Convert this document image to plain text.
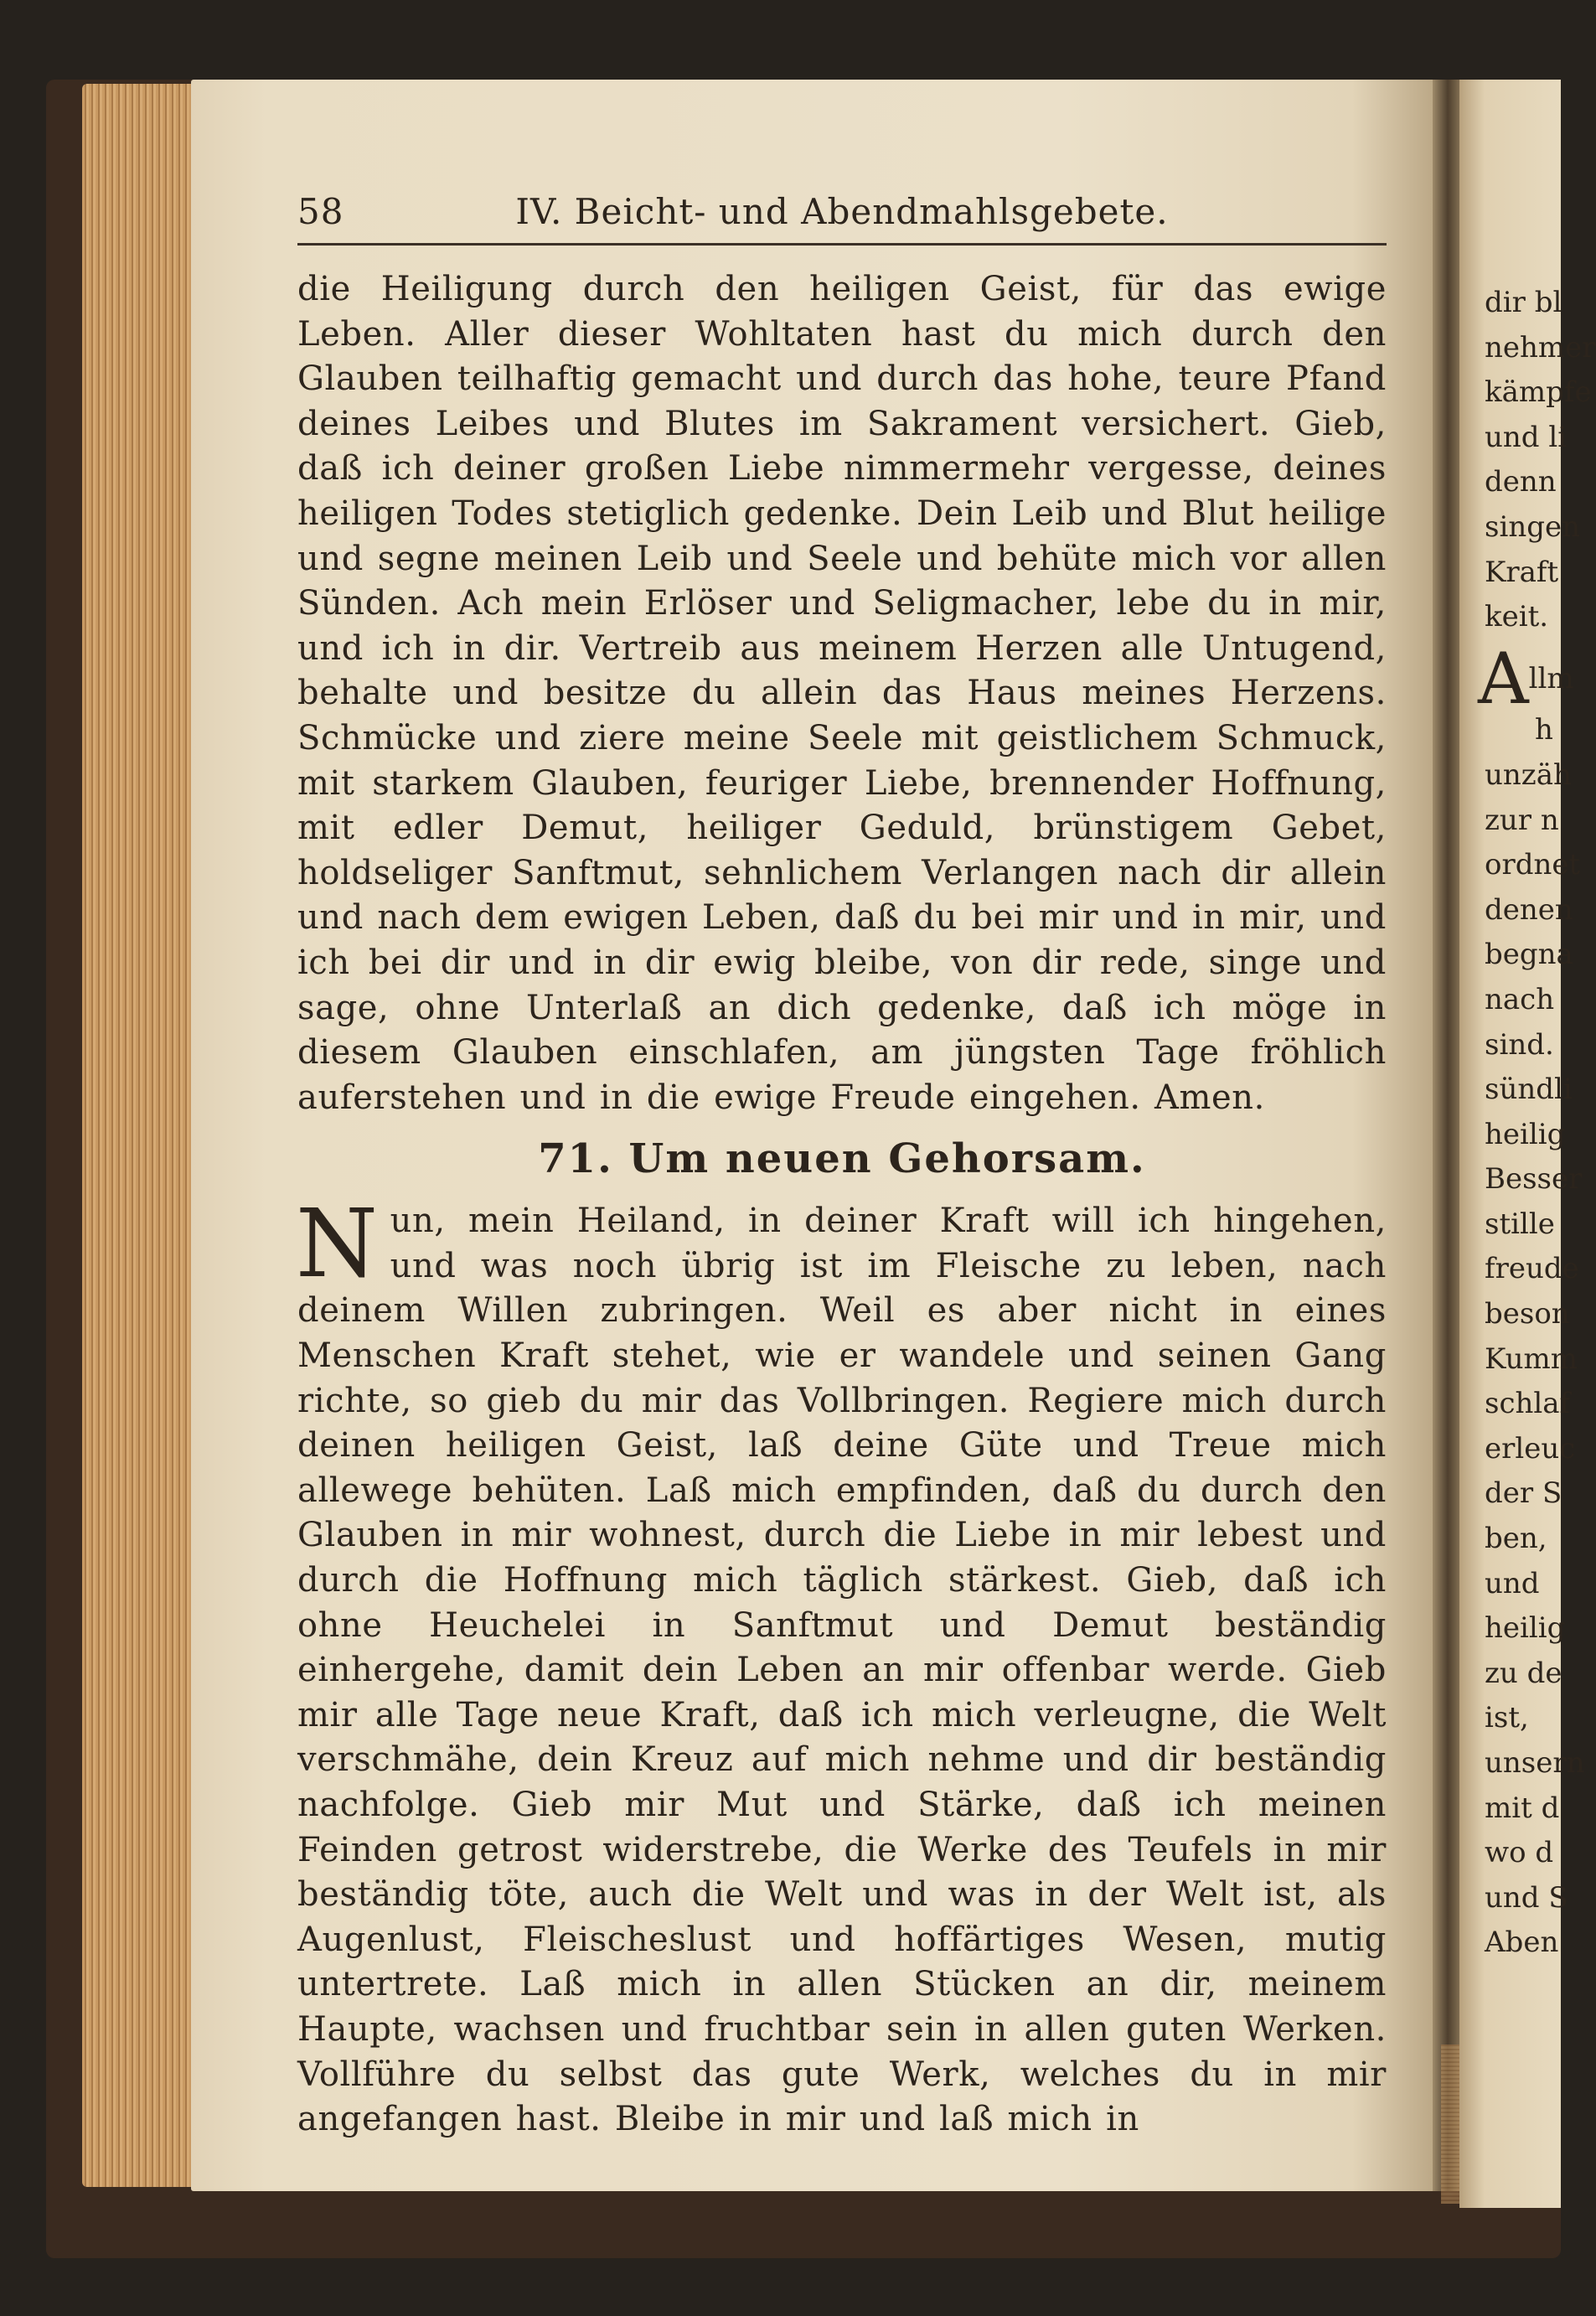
58	IV. Beicht- und Abendmahlsgebete.

die Heiligung durch den heiligen Geist, für das ewige Leben. Aller dieser Wohltaten hast du mich durch den Glauben teilhaftig gemacht und durch das hohe, teure Pfand deines Leibes und Blutes im Sakrament versichert. Gieb, daß ich deiner großen Liebe nimmermehr vergesse, deines heiligen Todes stetiglich gedenke. Dein Leib und Blut heilige und segne meinen Leib und Seele und behüte mich vor allen Sünden. Ach mein Erlöser und Seligmacher, lebe du in mir, und ich in dir. Vertreib aus meinem Herzen alle Untugend, behalte und besitze du allein das Haus meines Herzens. Schmücke und ziere meine Seele mit geistlichem Schmuck, mit starkem Glauben, feuriger Liebe, brennender Hoffnung, mit edler Demut, heiliger Geduld, brünstigem Gebet, holdseliger Sanftmut, sehnlichem Verlangen nach dir allein und nach dem ewigen Leben, daß du bei mir und in mir, und ich bei dir und in dir ewig bleibe, von dir rede, singe und sage, ohne Unterlaß an dich gedenke, daß ich möge in diesem Glauben einschlafen, am jüngsten Tage fröhlich auferstehen und in die ewige Freude eingehen. Amen.

71. Um neuen Gehorsam.

N un, mein Heiland, in deiner Kraft will ich hingehen, und was noch übrig ist im Fleische zu leben, nach deinem Willen zubringen. Weil es aber nicht in eines Menschen Kraft stehet, wie er wandele und seinen Gang richte, so gieb du mir das Vollbringen. Regiere mich durch deinen heiligen Geist, laß deine Güte und Treue mich allewege behüten. Laß mich empfinden, daß du durch den Glauben in mir wohnest, durch die Liebe in mir lebest und durch die Hoffnung mich täglich stärkest. Gieb, daß ich ohne Heuchelei in Sanftmut und Demut beständig einhergehe, damit dein Leben an mir offenbar werde. Gieb mir alle Tage neue Kraft, daß ich mich verleugne, die Welt verschmähe, dein Kreuz auf mich nehme und dir beständig nachfolge. Gieb mir Mut und Stärke, daß ich meinen Feinden getrost widerstrebe, die Werke des Teufels in mir beständig töte, auch die Welt und was in der Welt ist, als Augenlust, Fleischeslust und hoffärtiges Wesen, mutig untertrete. Laß mich in allen Stücken an dir, meinem Haupte, wachsen und fruchtbar sein in allen guten Werken. Vollführe du selbst das gute Werk, welches du in mir angefangen hast. Bleibe in mir und laß mich in

dir bl
nehmer
kämpfe
und li
denn
singen
Kraft
keit.
$A^{llm}$
h
unzäh
zur n
ordnet
denen
begna
nach
sind.
sündli
heilig
Besser
stille
freude
beson
Kumm
schlaf
erleuc
der S
ben,
und
heilig
zu de
ist,
unsern
mit d
wo d
und S
Aben
